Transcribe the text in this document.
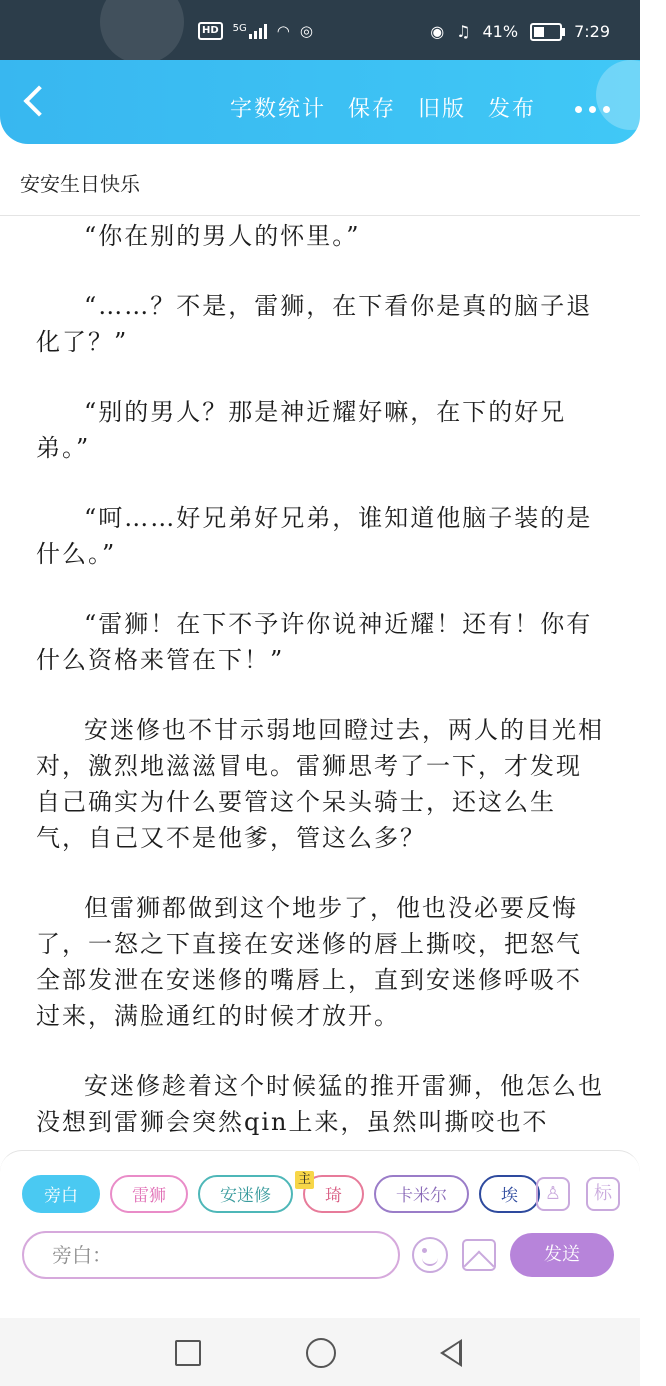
HD	5G ◠ ◎	◉ ♫ 41%	7:29
字数统计 保存 旧版 发布
安安生日快乐

“你在别的男人的怀里。”

“……？不是，雷狮，在下看你是真的脑子退化了？”

“别的男人？那是神近耀好嘛，在下的好兄弟。”

“呵……好兄弟好兄弟，谁知道他脑子装的是什么。”

“雷狮！在下不予许你说神近耀！还有！你有什么资格来管在下！”

安迷修也不甘示弱地回瞪过去，两人的目光相对，激烈地滋滋冒电。雷狮思考了一下，才发现自己确实为什么要管这个呆头骑士，还这么生气，自己又不是他爹，管这么多？

但雷狮都做到这个地步了，他也没必要反悔了，一怒之下直接在安迷修的唇上撕咬，把怒气全部发泄在安迷修的嘴唇上，直到安迷修呼吸不过来，满脸通红的时候才放开。

安迷修趁着这个时候猛的推开雷狮，他怎么也没想到雷狮会突然qin上来，虽然叫撕咬也不

旁白	雷狮	安迷修
主
琦	卡米尔	埃	♙	标
旁白：	发送
